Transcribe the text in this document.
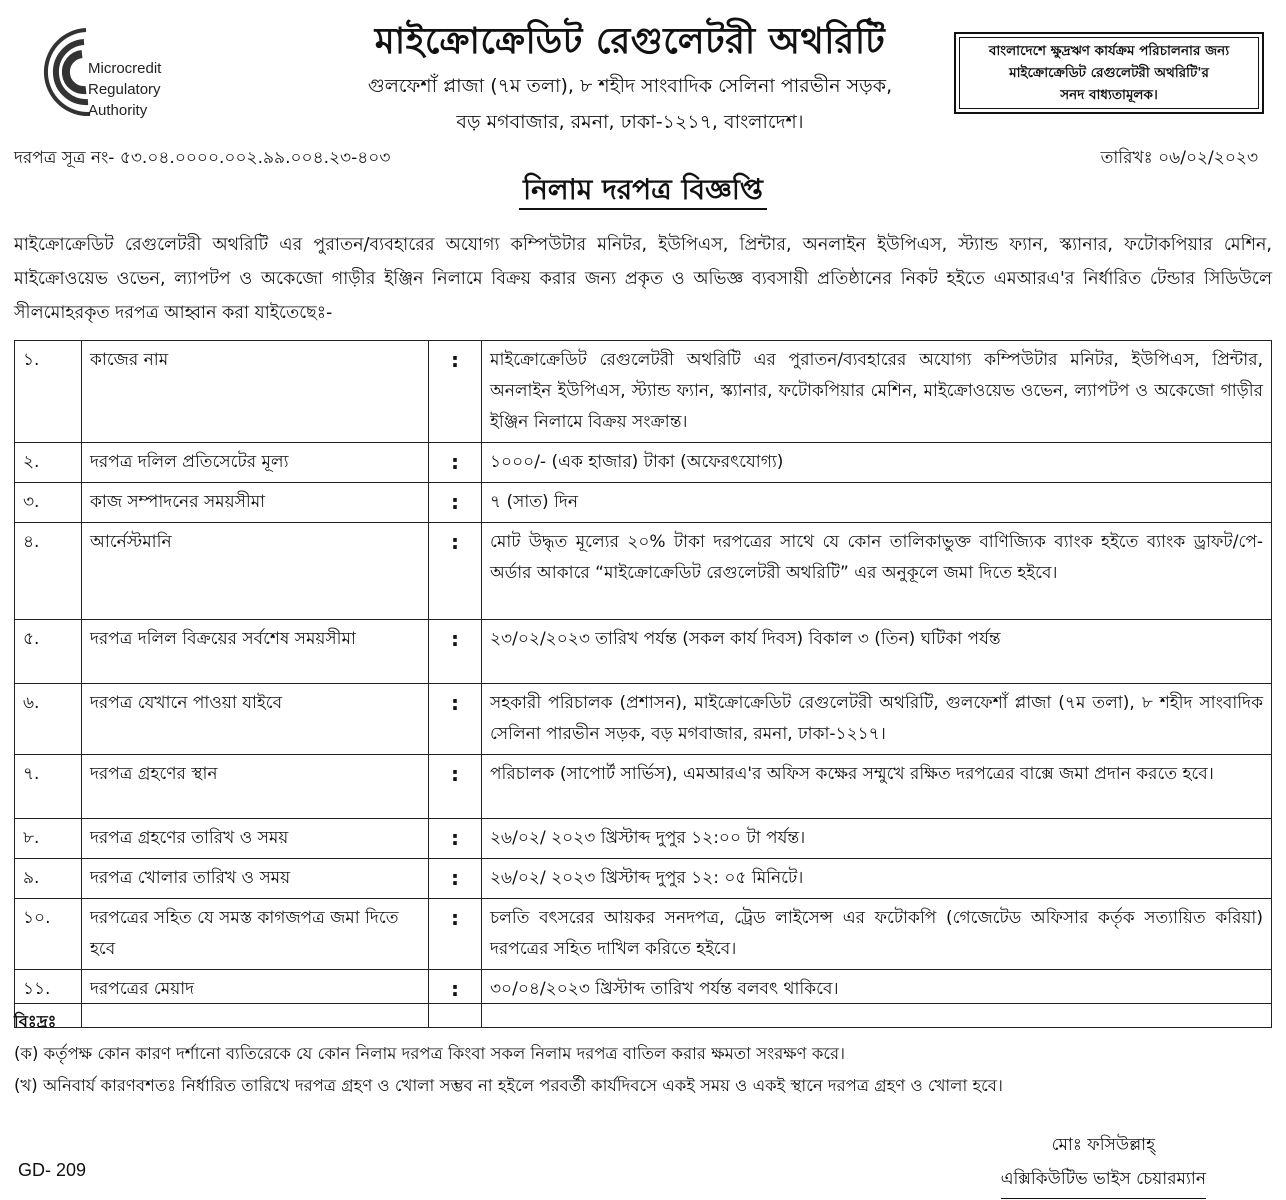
Microcredit
Regulatory
Authority
মাইক্রোক্রেডিট রেগুলেটরী অথরিটি
গুলফেশাঁ প্লাজা (৭ম তলা), ৮ শহীদ সাংবাদিক সেলিনা পারভীন সড়ক,
বড় মগবাজার, রমনা, ঢাকা-১২১৭, বাংলাদেশ।
বাংলাদেশে ক্ষুদ্রঋণ কার্যক্রম পরিচালনার জন্য
মাইক্রোক্রেডিট রেগুলেটরী অথরিটি'র
সনদ বাধ্যতামূলক।
দরপত্র সূত্র নং- ৫৩.০৪.০০০০.০০২.৯৯.০০৪.২৩-৪০৩	তারিখঃ ০৬/০২/২০২৩
নিলাম দরপত্র বিজ্ঞপ্তি
মাইক্রোক্রেডিট রেগুলেটরী অথরিটি এর পুরাতন/ব্যবহারের অযোগ্য কম্পিউটার মনিটর, ইউপিএস, প্রিন্টার, অনলাইন ইউপিএস, স্ট্যান্ড ফ্যান, স্ক্যানার, ফটোকপিয়ার মেশিন, মাইক্রোওয়েভ ওভেন, ল্যাপটপ ও অকেজো গাড়ীর ইঞ্জিন নিলামে বিক্রয় করার জন্য প্রকৃত ও অভিজ্ঞ ব্যবসায়ী প্রতিষ্ঠানের নিকট হইতে এমআরএ'র নির্ধারিত টেন্ডার সিডিউলে সীলমোহরকৃত দরপত্র আহ্বান করা যাইতেছেঃ-
১.	কাজের নাম	:	মাইক্রোক্রেডিট রেগুলেটরী অথরিটি এর পুরাতন/ব্যবহারের অযোগ্য কম্পিউটার মনিটর, ইউপিএস, প্রিন্টার, অনলাইন ইউপিএস, স্ট্যান্ড ফ্যান, স্ক্যানার, ফটোকপিয়ার মেশিন, মাইক্রোওয়েভ ওভেন, ল্যাপটপ ও অকেজো গাড়ীর ইঞ্জিন নিলামে বিক্রয় সংক্রান্ত।
২.	দরপত্র দলিল প্রতিসেটের মূল্য	:	১০০০/- (এক হাজার) টাকা (অফেরৎযোগ্য)
৩.	কাজ সম্পাদনের সময়সীমা	:	৭ (সাত) দিন
৪.	আর্নেস্টমানি	:	মোট উদ্ধৃত মূল্যের ২০% টাকা দরপত্রের সাথে যে কোন তালিকাভুক্ত বাণিজ্যিক ব্যাংক হইতে ব্যাংক ড্রাফট/পে-অর্ডার আকারে “মাইক্রোক্রেডিট রেগুলেটরী অথরিটি” এর অনুকূলে জমা দিতে হইবে।
৫.	দরপত্র দলিল বিক্রয়ের সর্বশেষ সময়সীমা	:	২৩/০২/২০২৩ তারিখ পর্যন্ত (সকল কার্য দিবস) বিকাল ৩ (তিন) ঘটিকা পর্যন্ত
৬.	দরপত্র যেখানে পাওয়া যাইবে	:	সহকারী পরিচালক (প্রশাসন), মাইক্রোক্রেডিট রেগুলেটরী অথরিটি, গুলফেশাঁ প্লাজা (৭ম তলা), ৮ শহীদ সাংবাদিক সেলিনা পারভীন সড়ক, বড় মগবাজার, রমনা, ঢাকা-১২১৭।
৭.	দরপত্র গ্রহণের স্থান	:	পরিচালক (সাপোর্ট সার্ভিস), এমআরএ'র অফিস কক্ষের সম্মুখে রক্ষিত দরপত্রের বাক্সে জমা প্রদান করতে হবে।
৮.	দরপত্র গ্রহণের তারিখ ও সময়	:	২৬/০২/ ২০২৩ খ্রিস্টাব্দ দুপুর ১২:০০ টা পর্যন্ত।
৯.	দরপত্র খোলার তারিখ ও সময়	:	২৬/০২/ ২০২৩ খ্রিস্টাব্দ দুপুর ১২: ০৫ মিনিটে।
১০.	দরপত্রের সহিত যে সমস্ত কাগজপত্র জমা দিতে হবে	:	চলতি বৎসরের আয়কর সনদপত্র, ট্রেড লাইসেন্স এর ফটোকপি (গেজেটেড অফিসার কর্তৃক সত্যায়িত করিয়া) দরপত্রের সহিত দাখিল করিতে হইবে।
১১.	দরপত্রের মেয়াদ	:	৩০/০৪/২০২৩ খ্রিস্টাব্দ তারিখ পর্যন্ত বলবৎ থাকিবে।
বিঃদ্রঃ
(ক) কর্তৃপক্ষ কোন কারণ দর্শানো ব্যতিরেকে যে কোন নিলাম দরপত্র কিংবা সকল নিলাম দরপত্র বাতিল করার ক্ষমতা সংরক্ষণ করে।
(খ) অনিবার্য কারণবশতঃ নির্ধারিত তারিখে দরপত্র গ্রহণ ও খোলা সম্ভব না হইলে পরবর্তী কার্যদিবসে একই সময় ও একই স্থানে দরপত্র গ্রহণ ও খোলা হবে।
GD- 209
মোঃ ফসিউল্লাহ্
এক্সিকিউটিভ ভাইস চেয়ারম্যান
